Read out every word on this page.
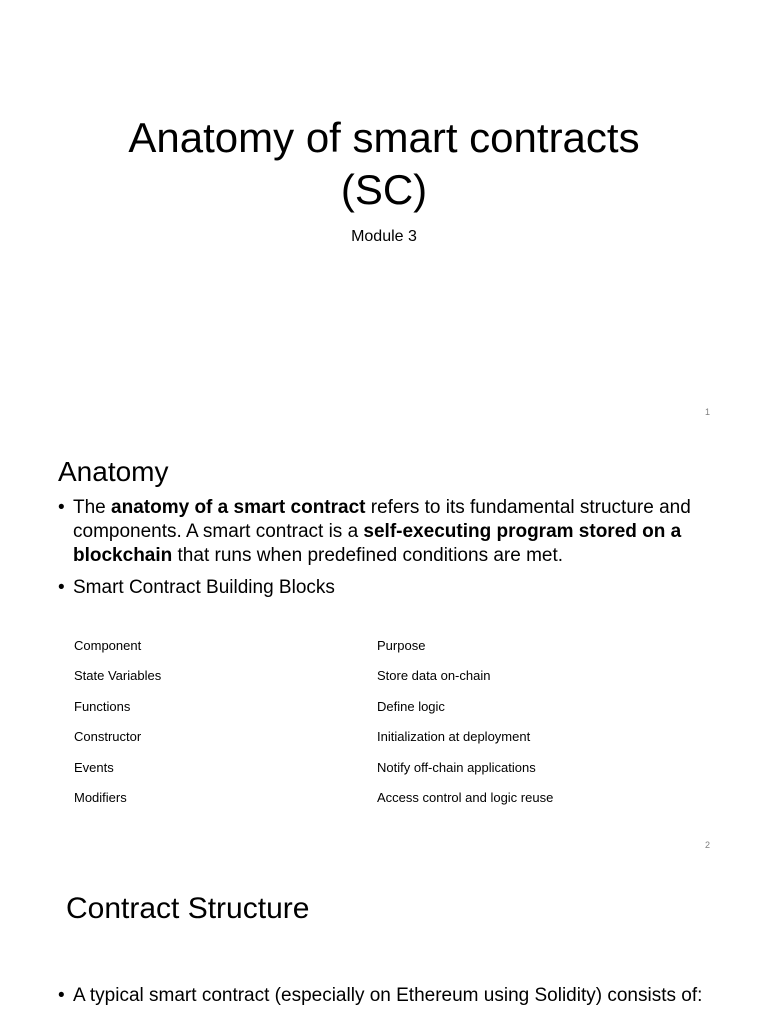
Anatomy of smart contracts
(SC)
Module 3
1
Anatomy
• The anatomy of a smart contract refers to its fundamental structure and components. A smart contract is a self-executing program stored on a blockchain that runs when predefined conditions are met.
• Smart Contract Building Blocks
Component	Purpose
State Variables	Store data on-chain
Functions	Define logic
Constructor	Initialization at deployment
Events	Notify off-chain applications
Modifiers	Access control and logic reuse
2
Contract Structure
• A typical smart contract (especially on Ethereum using Solidity) consists of:
